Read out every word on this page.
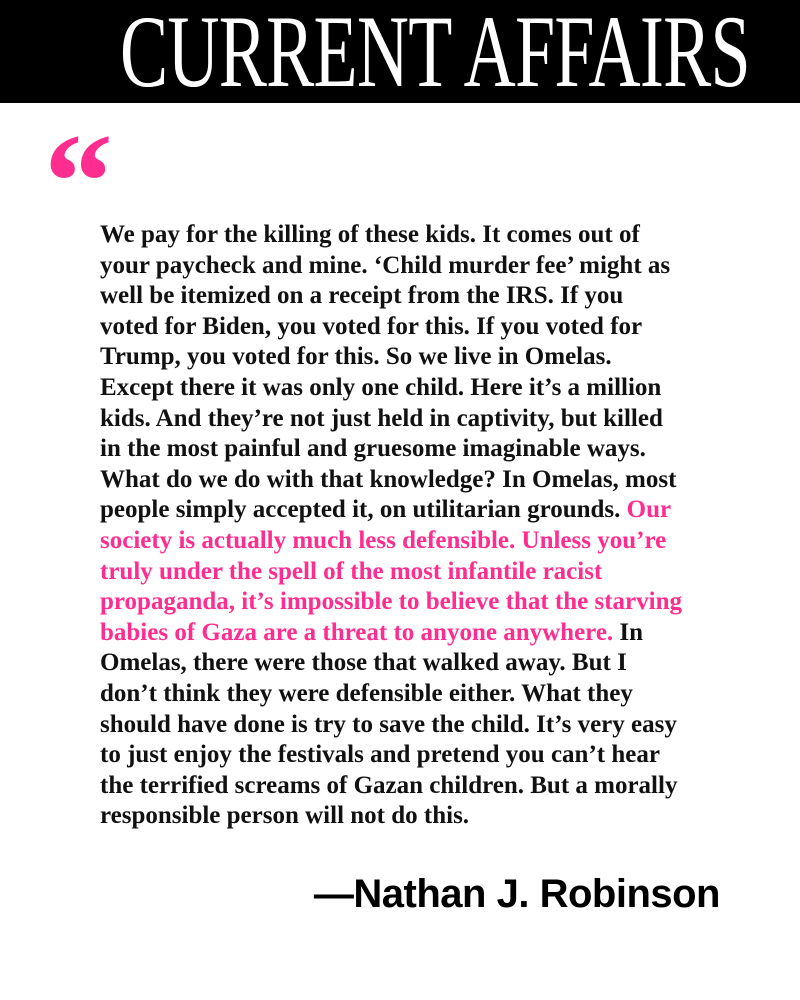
CURRENT AFFAIRS
“

We pay for the killing of these kids. It comes out of
your paycheck and mine. ‘Child murder fee’ might as
well be itemized on a receipt from the IRS. If you
voted for Biden, you voted for this. If you voted for
Trump, you voted for this. So we live in Omelas.
Except there it was only one child. Here it’s a million
kids. And they’re not just held in captivity, but killed
in the most painful and gruesome imaginable ways.
What do we do with that knowledge? In Omelas, most
people simply accepted it, on utilitarian grounds. Our
society is actually much less defensible. Unless you’re
truly under the spell of the most infantile racist
propaganda, it’s impossible to believe that the starving
babies of Gaza are a threat to anyone anywhere. In
Omelas, there were those that walked away. But I
don’t think they were defensible either. What they
should have done is try to save the child. It’s very easy
to just enjoy the festivals and pretend you can’t hear
the terrified screams of Gazan children. But a morally
responsible person will not do this.

—Nathan J. Robinson
